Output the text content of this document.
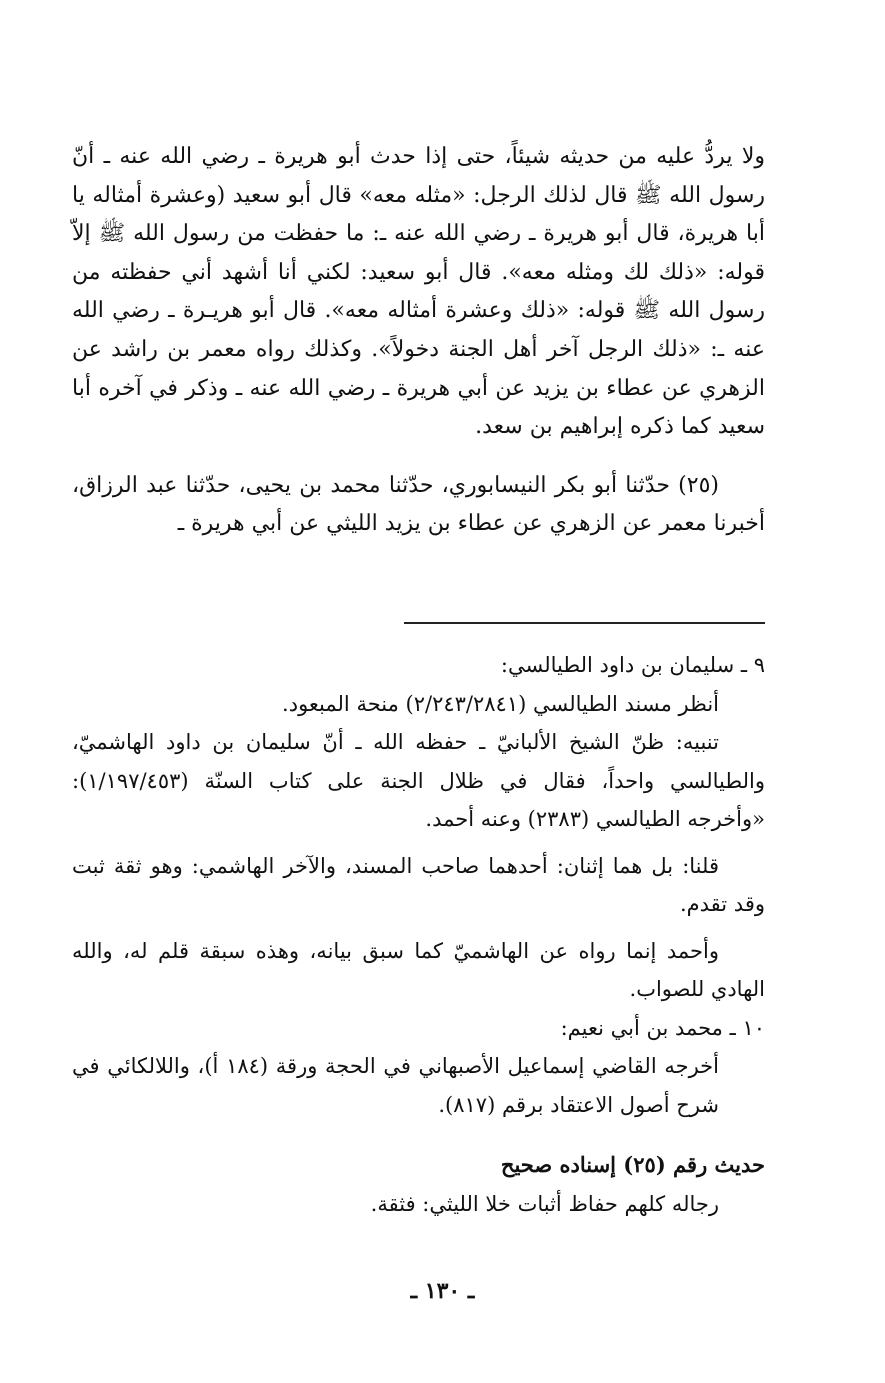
ولا يردُّ عليه من حديثه شيئاً، حتى إذا حدث أبو هريرة ـ رضي الله عنه ـ أنّ رسول الله ﷺ قال لذلك الرجل: «مثله معه» قال أبو سعيد (وعشرة أمثاله يا أبا هريرة، قال أبو هريرة ـ رضي الله عنه ـ: ما حفظت من رسول الله ﷺ إلاّ قوله: «ذلك لك ومثله معه». قال أبو سعيد: لكني أنا أشهد أني حفظته من رسول الله ﷺ قوله: «ذلك وعشرة أمثاله معه». قال أبو هريـرة ـ رضي الله عنه ـ: «ذلك الرجل آخر أهل الجنة دخولاً». وكذلك رواه معمر بن راشد عن الزهري عن عطاء بن يزيد عن أبي هريرة ـ رضي الله عنه ـ وذكر في آخره أبا سعيد كما ذكره إبراهيم بن سعد.

(٢٥) حدّثنا أبو بكر النيسابوري، حدّثنا محمد بن يحيى، حدّثنا عبد الرزاق، أخبرنا معمر عن الزهري عن عطاء بن يزيد الليثي عن أبي هريرة ـ

٩ ـ سليمان بن داود الطيالسي:

أنظر مسند الطيالسي (٢/٢٤٣/٢٨٤١) منحة المبعود.

تنبيه: ظنّ الشيخ الألبانيّ ـ حفظه الله ـ أنّ سليمان بن داود الهاشميّ، والطيالسي واحداً، فقال في ظلال الجنة على كتاب السنّة (١/١٩٧/٤٥٣): «وأخرجه الطيالسي (٢٣٨٣) وعنه أحمد.

قلنا: بل هما إثنان: أحدهما صاحب المسند، والآخر الهاشمي: وهو ثقة ثبت وقد تقدم.

وأحمد إنما رواه عن الهاشميّ كما سبق بيانه، وهذه سبقة قلم له، والله الهادي للصواب.

١٠ ـ محمد بن أبي نعيم:

أخرجه القاضي إسماعيل الأصبهاني في الحجة ورقة (١٨٤ أ)، واللالكائي في شرح أصول الاعتقاد برقم (٨١٧).

حديث رقم (٢٥) إسناده صحيح

رجاله كلهم حفاظ أثبات خلا الليثي: فثقة.

ـ ١٣٠ ـ
